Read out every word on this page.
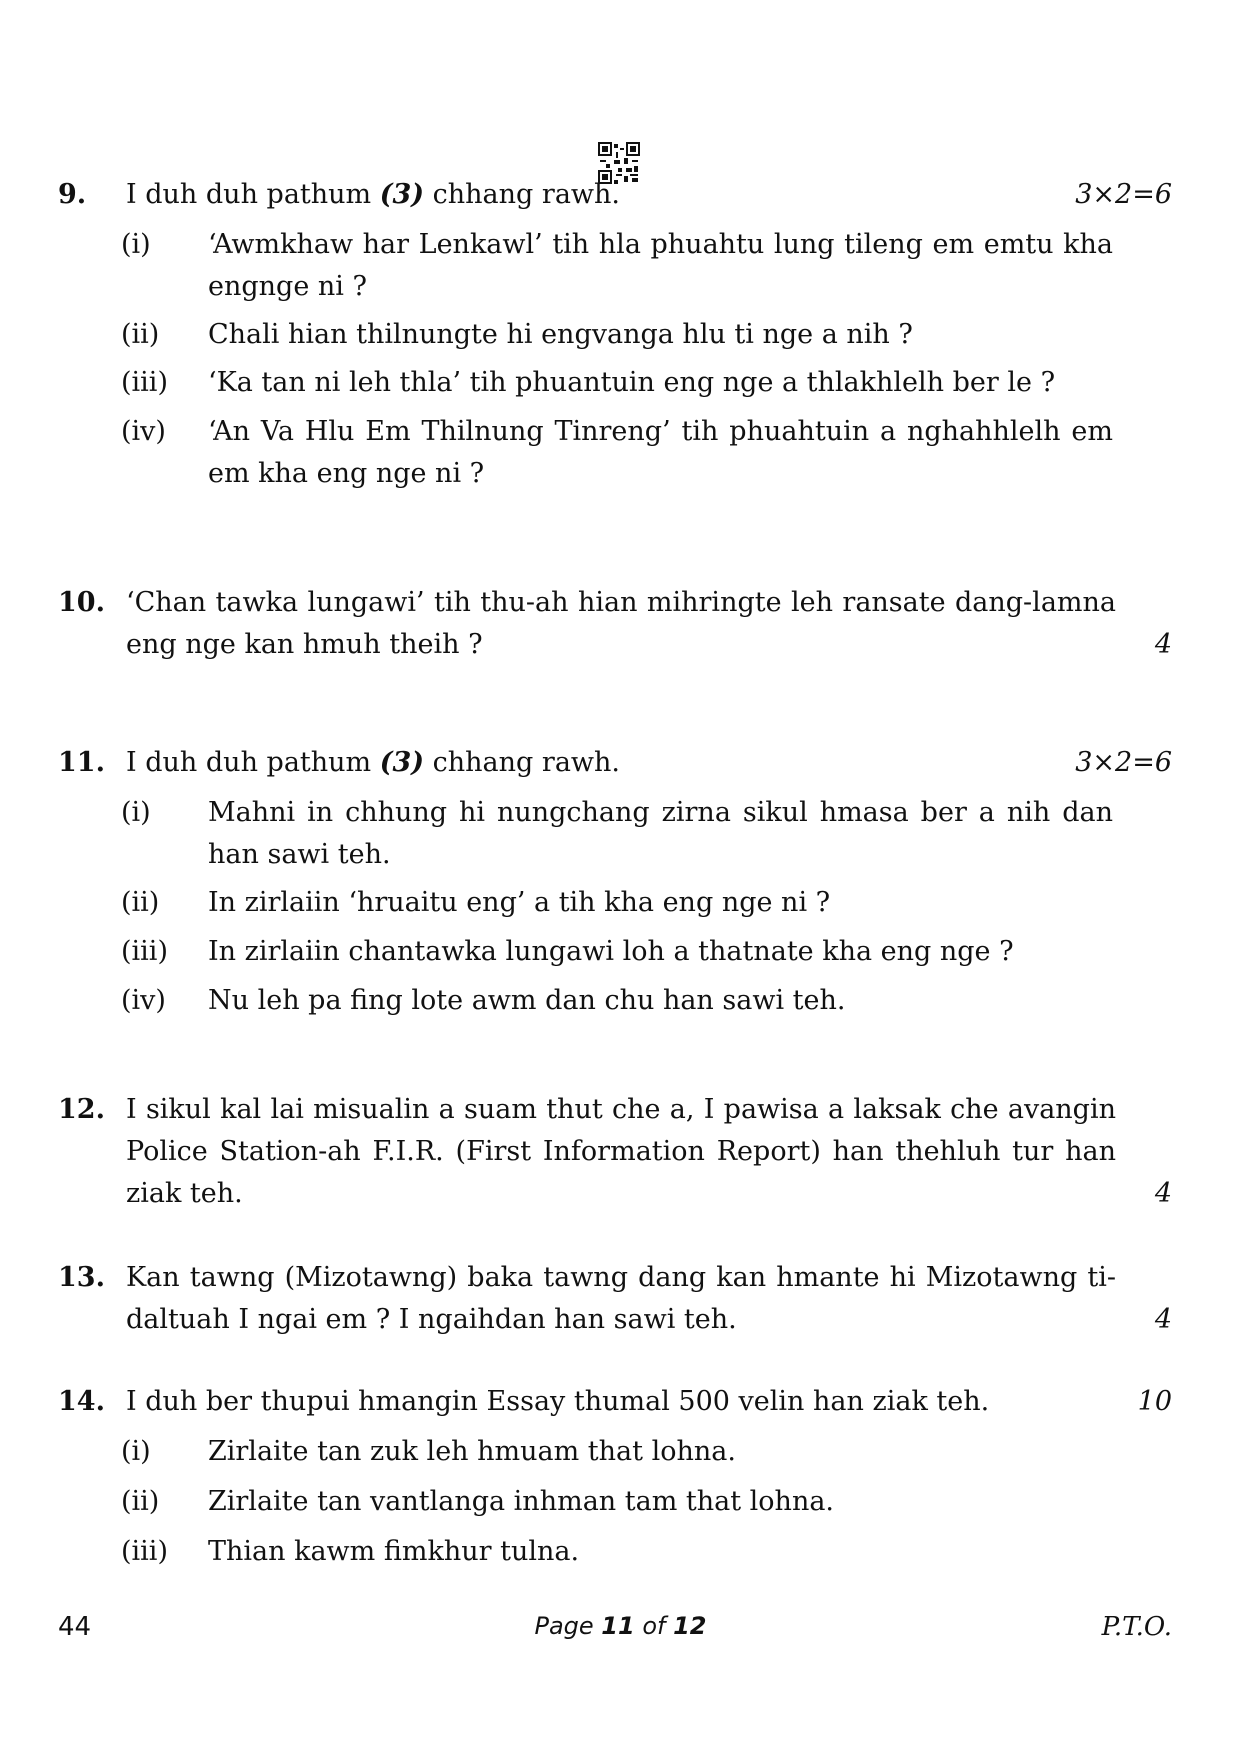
9. I duh duh pathum (3) chhang rawh.	3×2=6
(i) ‘Awmkhaw har Lenkawl’ tih hla phuahtu lung tileng em emtu kha engnge ni ?
(ii) Chali hian thilnungte hi engvanga hlu ti nge a nih ?
(iii) ‘Ka tan ni leh thla’ tih phuantuin eng nge a thlakhlelh ber le ?
(iv) ‘An Va Hlu Em Thilnung Tinreng’ tih phuahtuin a nghahhlelh em em kha eng nge ni ?
10. ‘Chan tawka lungawi’ tih thu-ah hian mihringte leh ransate dang-lamna eng nge kan hmuh theih ?	4
11. I duh duh pathum (3) chhang rawh.	3×2=6
(i) Mahni in chhung hi nungchang zirna sikul hmasa ber a nih dan han sawi teh.
(ii) In zirlaiin ‘hruaitu eng’ a tih kha eng nge ni ?
(iii) In zirlaiin chantawka lungawi loh a thatnate kha eng nge ?
(iv) Nu leh pa fing lote awm dan chu han sawi teh.
12. I sikul kal lai misualin a suam thut che a, I pawisa a laksak che avangin Police Station-ah F.I.R. (First Information Report) han thehluh tur han ziak teh.	4
13. Kan tawng (Mizotawng) baka tawng dang kan hmante hi Mizotawng ti-daltuah I ngai em ? I ngaihdan han sawi teh.	4
14. I duh ber thupui hmangin Essay thumal 500 velin han ziak teh.	10
(i) Zirlaite tan zuk leh hmuam that lohna.
(ii) Zirlaite tan vantlanga inhman tam that lohna.
(iii) Thian kawm fimkhur tulna.
44	Page 11 of 12	P.T.O.
